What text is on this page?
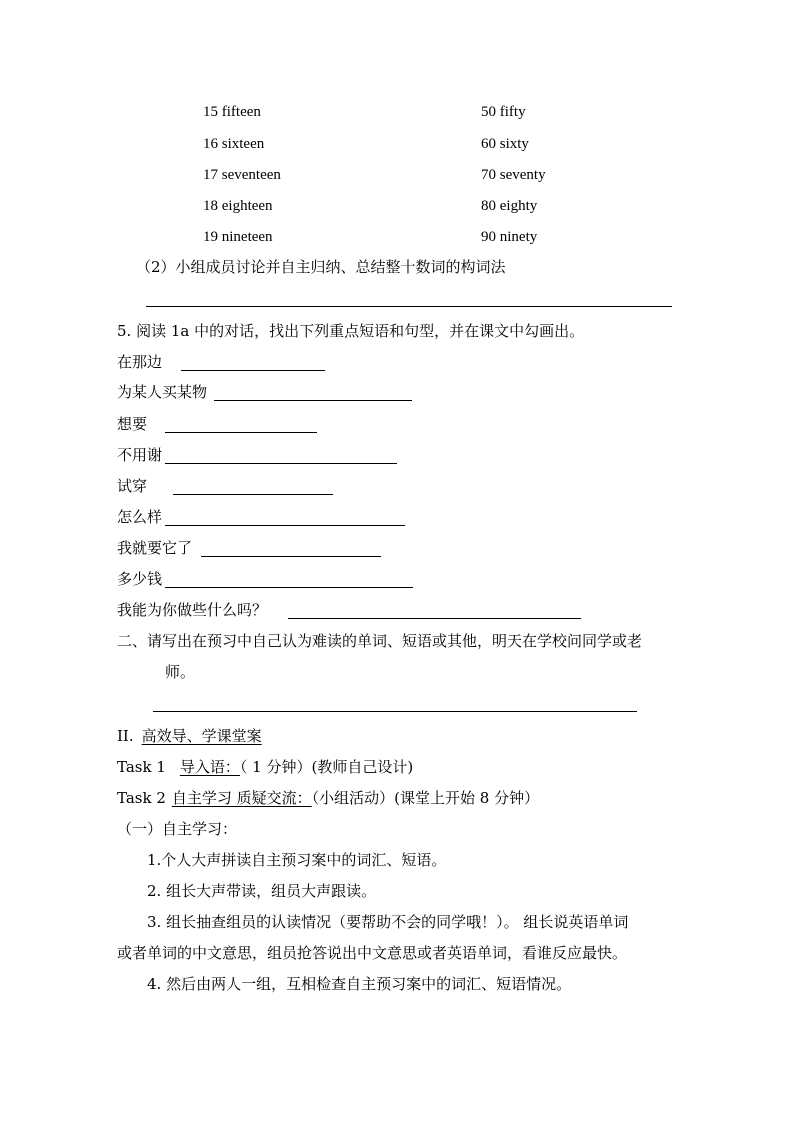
15 fifteen
16 sixteen
17 seventeen
18 eighteen
19 nineteen
50 fifty
60 sixty
70 seventy
80 eighty
90 ninety
（2）小组成员讨论并自主归纳、总结整十数词的构词法
5. 阅读 1a 中的对话，找出下列重点短语和句型，并在课文中勾画出。
在那边
为某人买某物
想要
不用谢
试穿
怎么样
我就要它了
多少钱
我能为你做些什么吗？
二、请写出在预习中自己认为难读的单词、短语或其他，明天在学校问同学或老
师。
II. 高效导、学课堂案
Task 1 导入语：（ 1 分钟）(教师自己设计)
Task 2 自主学习 质疑交流：（小组活动）(课堂上开始 8 分钟）
（一）自主学习：
1.个人大声拼读自主预习案中的词汇、短语。
2. 组长大声带读，组员大声跟读。
3. 组长抽查组员的认读情况（要帮助不会的同学哦！）。 组长说英语单词
或者单词的中文意思，组员抢答说出中文意思或者英语单词，看谁反应最快。
4. 然后由两人一组，互相检查自主预习案中的词汇、短语情况。
